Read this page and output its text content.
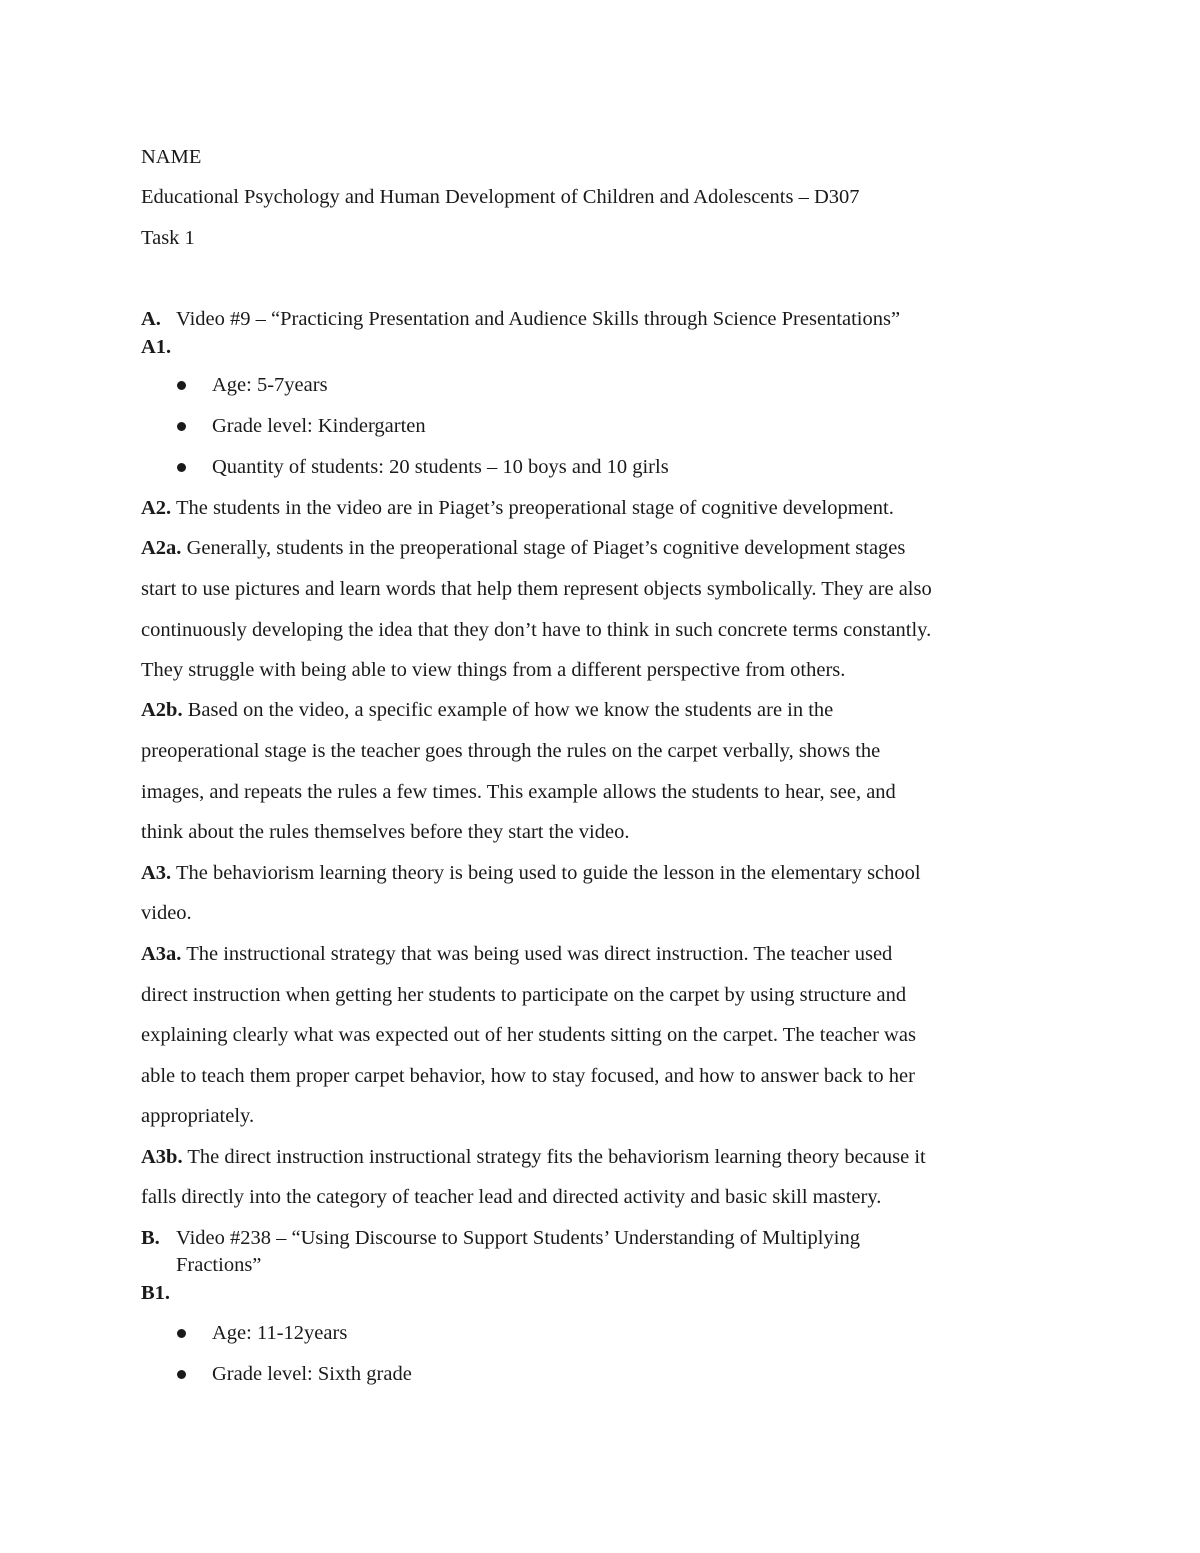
NAME
Educational Psychology and Human Development of Children and Adolescents – D307
Task 1
A. Video #9 – “Practicing Presentation and Audience Skills through Science Presentations”
A1.
Age: 5-7years
Grade level: Kindergarten
Quantity of students: 20 students – 10 boys and 10 girls
A2. The students in the video are in Piaget’s preoperational stage of cognitive development.
A2a. Generally, students in the preoperational stage of Piaget’s cognitive development stages
start to use pictures and learn words that help them represent objects symbolically. They are also
continuously developing the idea that they don’t have to think in such concrete terms constantly.
They struggle with being able to view things from a different perspective from others.
A2b. Based on the video, a specific example of how we know the students are in the
preoperational stage is the teacher goes through the rules on the carpet verbally, shows the
images, and repeats the rules a few times. This example allows the students to hear, see, and
think about the rules themselves before they start the video.
A3. The behaviorism learning theory is being used to guide the lesson in the elementary school
video.
A3a. The instructional strategy that was being used was direct instruction. The teacher used
direct instruction when getting her students to participate on the carpet by using structure and
explaining clearly what was expected out of her students sitting on the carpet. The teacher was
able to teach them proper carpet behavior, how to stay focused, and how to answer back to her
appropriately.
A3b. The direct instruction instructional strategy fits the behaviorism learning theory because it
falls directly into the category of teacher lead and directed activity and basic skill mastery.
B. Video #238 – “Using Discourse to Support Students’ Understanding of Multiplying
Fractions”
B1.
Age: 11-12years
Grade level: Sixth grade
